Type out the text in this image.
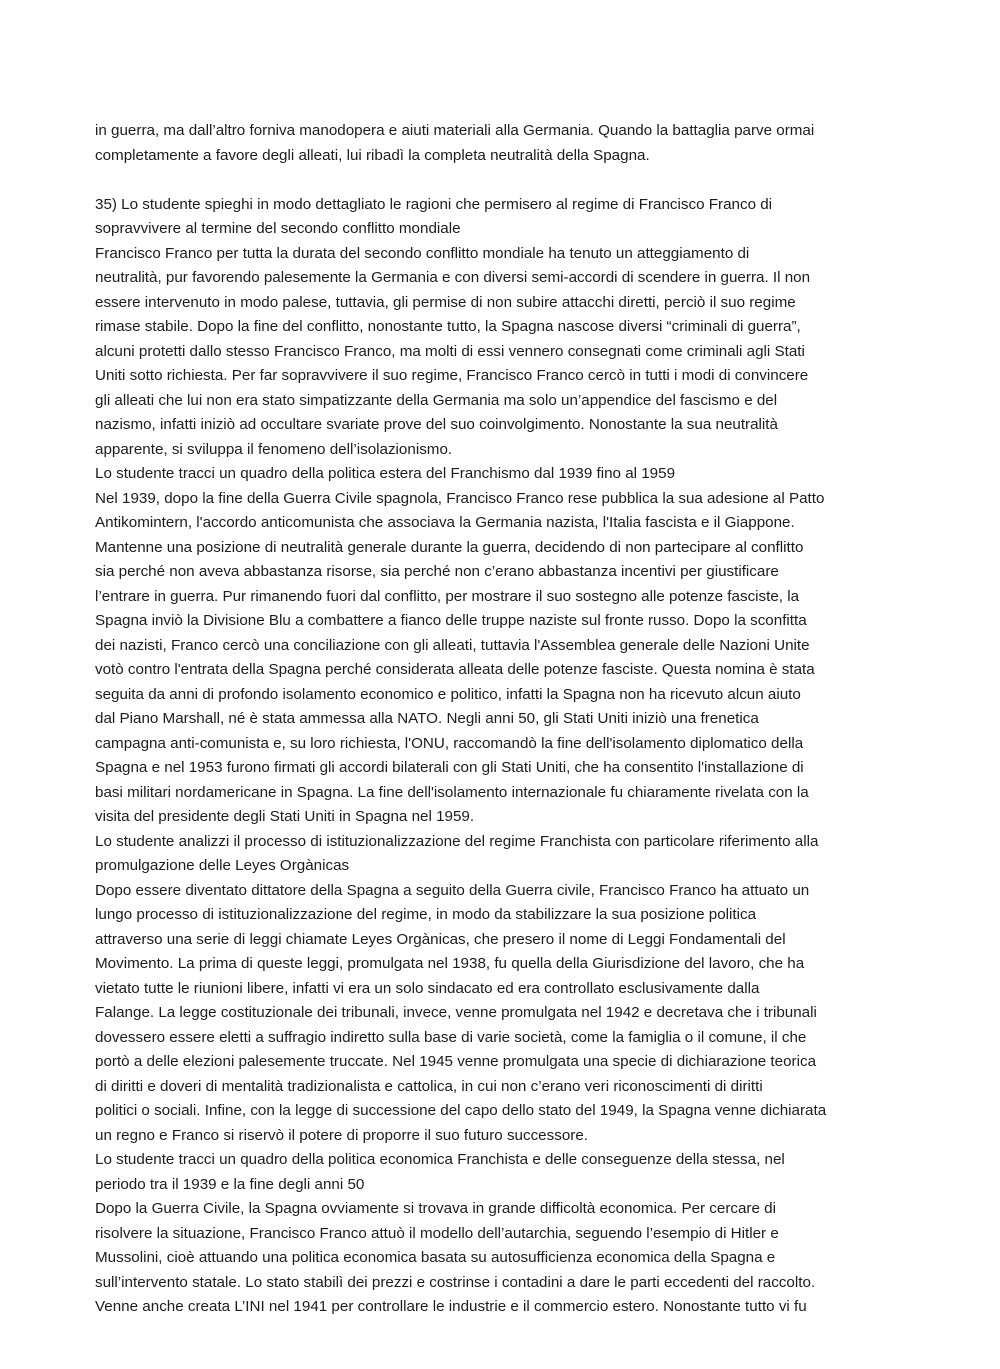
in guerra, ma dall’altro forniva manodopera e aiuti materiali alla Germania. Quando la battaglia parve ormai

completamente a favore degli alleati, lui ribadì la completa neutralità della Spagna.

35) Lo studente spieghi in modo dettagliato le ragioni che permisero al regime di Francisco Franco di

sopravvivere al termine del secondo conflitto mondiale

Francisco Franco per tutta la durata del secondo conflitto mondiale ha tenuto un atteggiamento di

neutralità, pur favorendo palesemente la Germania e con diversi semi-accordi di scendere in guerra. Il non

essere intervenuto in modo palese, tuttavia, gli permise di non subire attacchi diretti, perciò il suo regime

rimase stabile. Dopo la fine del conflitto, nonostante tutto, la Spagna nascose diversi “criminali di guerra”,

alcuni protetti dallo stesso Francisco Franco, ma molti di essi vennero consegnati come criminali agli Stati

Uniti sotto richiesta. Per far sopravvivere il suo regime, Francisco Franco cercò in tutti i modi di convincere

gli alleati che lui non era stato simpatizzante della Germania ma solo un’appendice del fascismo e del

nazismo, infatti iniziò ad occultare svariate prove del suo coinvolgimento. Nonostante la sua neutralità

apparente, si sviluppa il fenomeno dell’isolazionismo.

Lo studente tracci un quadro della politica estera del Franchismo dal 1939 fino al 1959

Nel 1939, dopo la fine della Guerra Civile spagnola, Francisco Franco rese pubblica la sua adesione al Patto

Antikomintern, l'accordo anticomunista che associava la Germania nazista, l'Italia fascista e il Giappone.

Mantenne una posizione di neutralità generale durante la guerra, decidendo di non partecipare al conflitto

sia perché non aveva abbastanza risorse, sia perché non c’erano abbastanza incentivi per giustificare

l’entrare in guerra. Pur rimanendo fuori dal conflitto, per mostrare il suo sostegno alle potenze fasciste, la

Spagna inviò la Divisione Blu a combattere a fianco delle truppe naziste sul fronte russo. Dopo la sconfitta

dei nazisti, Franco cercò una conciliazione con gli alleati, tuttavia l'Assemblea generale delle Nazioni Unite

votò contro l'entrata della Spagna perché considerata alleata delle potenze fasciste. Questa nomina è stata

seguita da anni di profondo isolamento economico e politico, infatti la Spagna non ha ricevuto alcun aiuto

dal Piano Marshall, né è stata ammessa alla NATO. Negli anni 50, gli Stati Uniti iniziò una frenetica

campagna anti-comunista e, su loro richiesta, l'ONU, raccomandò la fine dell'isolamento diplomatico della

Spagna e nel 1953 furono firmati gli accordi bilaterali con gli Stati Uniti, che ha consentito l'installazione di

basi militari nordamericane in Spagna. La fine dell'isolamento internazionale fu chiaramente rivelata con la

visita del presidente degli Stati Uniti in Spagna nel 1959.

Lo studente analizzi il processo di istituzionalizzazione del regime Franchista con particolare riferimento alla

promulgazione delle Leyes Orgànicas

Dopo essere diventato dittatore della Spagna a seguito della Guerra civile, Francisco Franco ha attuato un

lungo processo di istituzionalizzazione del regime, in modo da stabilizzare la sua posizione politica

attraverso una serie di leggi chiamate Leyes Orgànicas, che presero il nome di Leggi Fondamentali del

Movimento. La prima di queste leggi, promulgata nel 1938, fu quella della Giurisdizione del lavoro, che ha

vietato tutte le riunioni libere, infatti vi era un solo sindacato ed era controllato esclusivamente dalla

Falange. La legge costituzionale dei tribunali, invece, venne promulgata nel 1942 e decretava che i tribunali

dovessero essere eletti a suffragio indiretto sulla base di varie società, come la famiglia o il comune, il che

portò a delle elezioni palesemente truccate. Nel 1945 venne promulgata una specie di dichiarazione teorica

di diritti e doveri di mentalità tradizionalista e cattolica, in cui non c’erano veri riconoscimenti di diritti

politici o sociali. Infine, con la legge di successione del capo dello stato del 1949, la Spagna venne dichiarata

un regno e Franco si riservò il potere di proporre il suo futuro successore.

Lo studente tracci un quadro della politica economica Franchista e delle conseguenze della stessa, nel

periodo tra il 1939 e la fine degli anni 50

Dopo la Guerra Civile, la Spagna ovviamente si trovava in grande difficoltà economica. Per cercare di

risolvere la situazione, Francisco Franco attuò il modello dell’autarchia, seguendo l’esempio di Hitler e

Mussolini, cioè attuando una politica economica basata su autosufficienza economica della Spagna e

sull’intervento statale. Lo stato stabilì dei prezzi e costrinse i contadini a dare le parti eccedenti del raccolto.

Venne anche creata L’INI nel 1941 per controllare le industrie e il commercio estero. Nonostante tutto vi fu
